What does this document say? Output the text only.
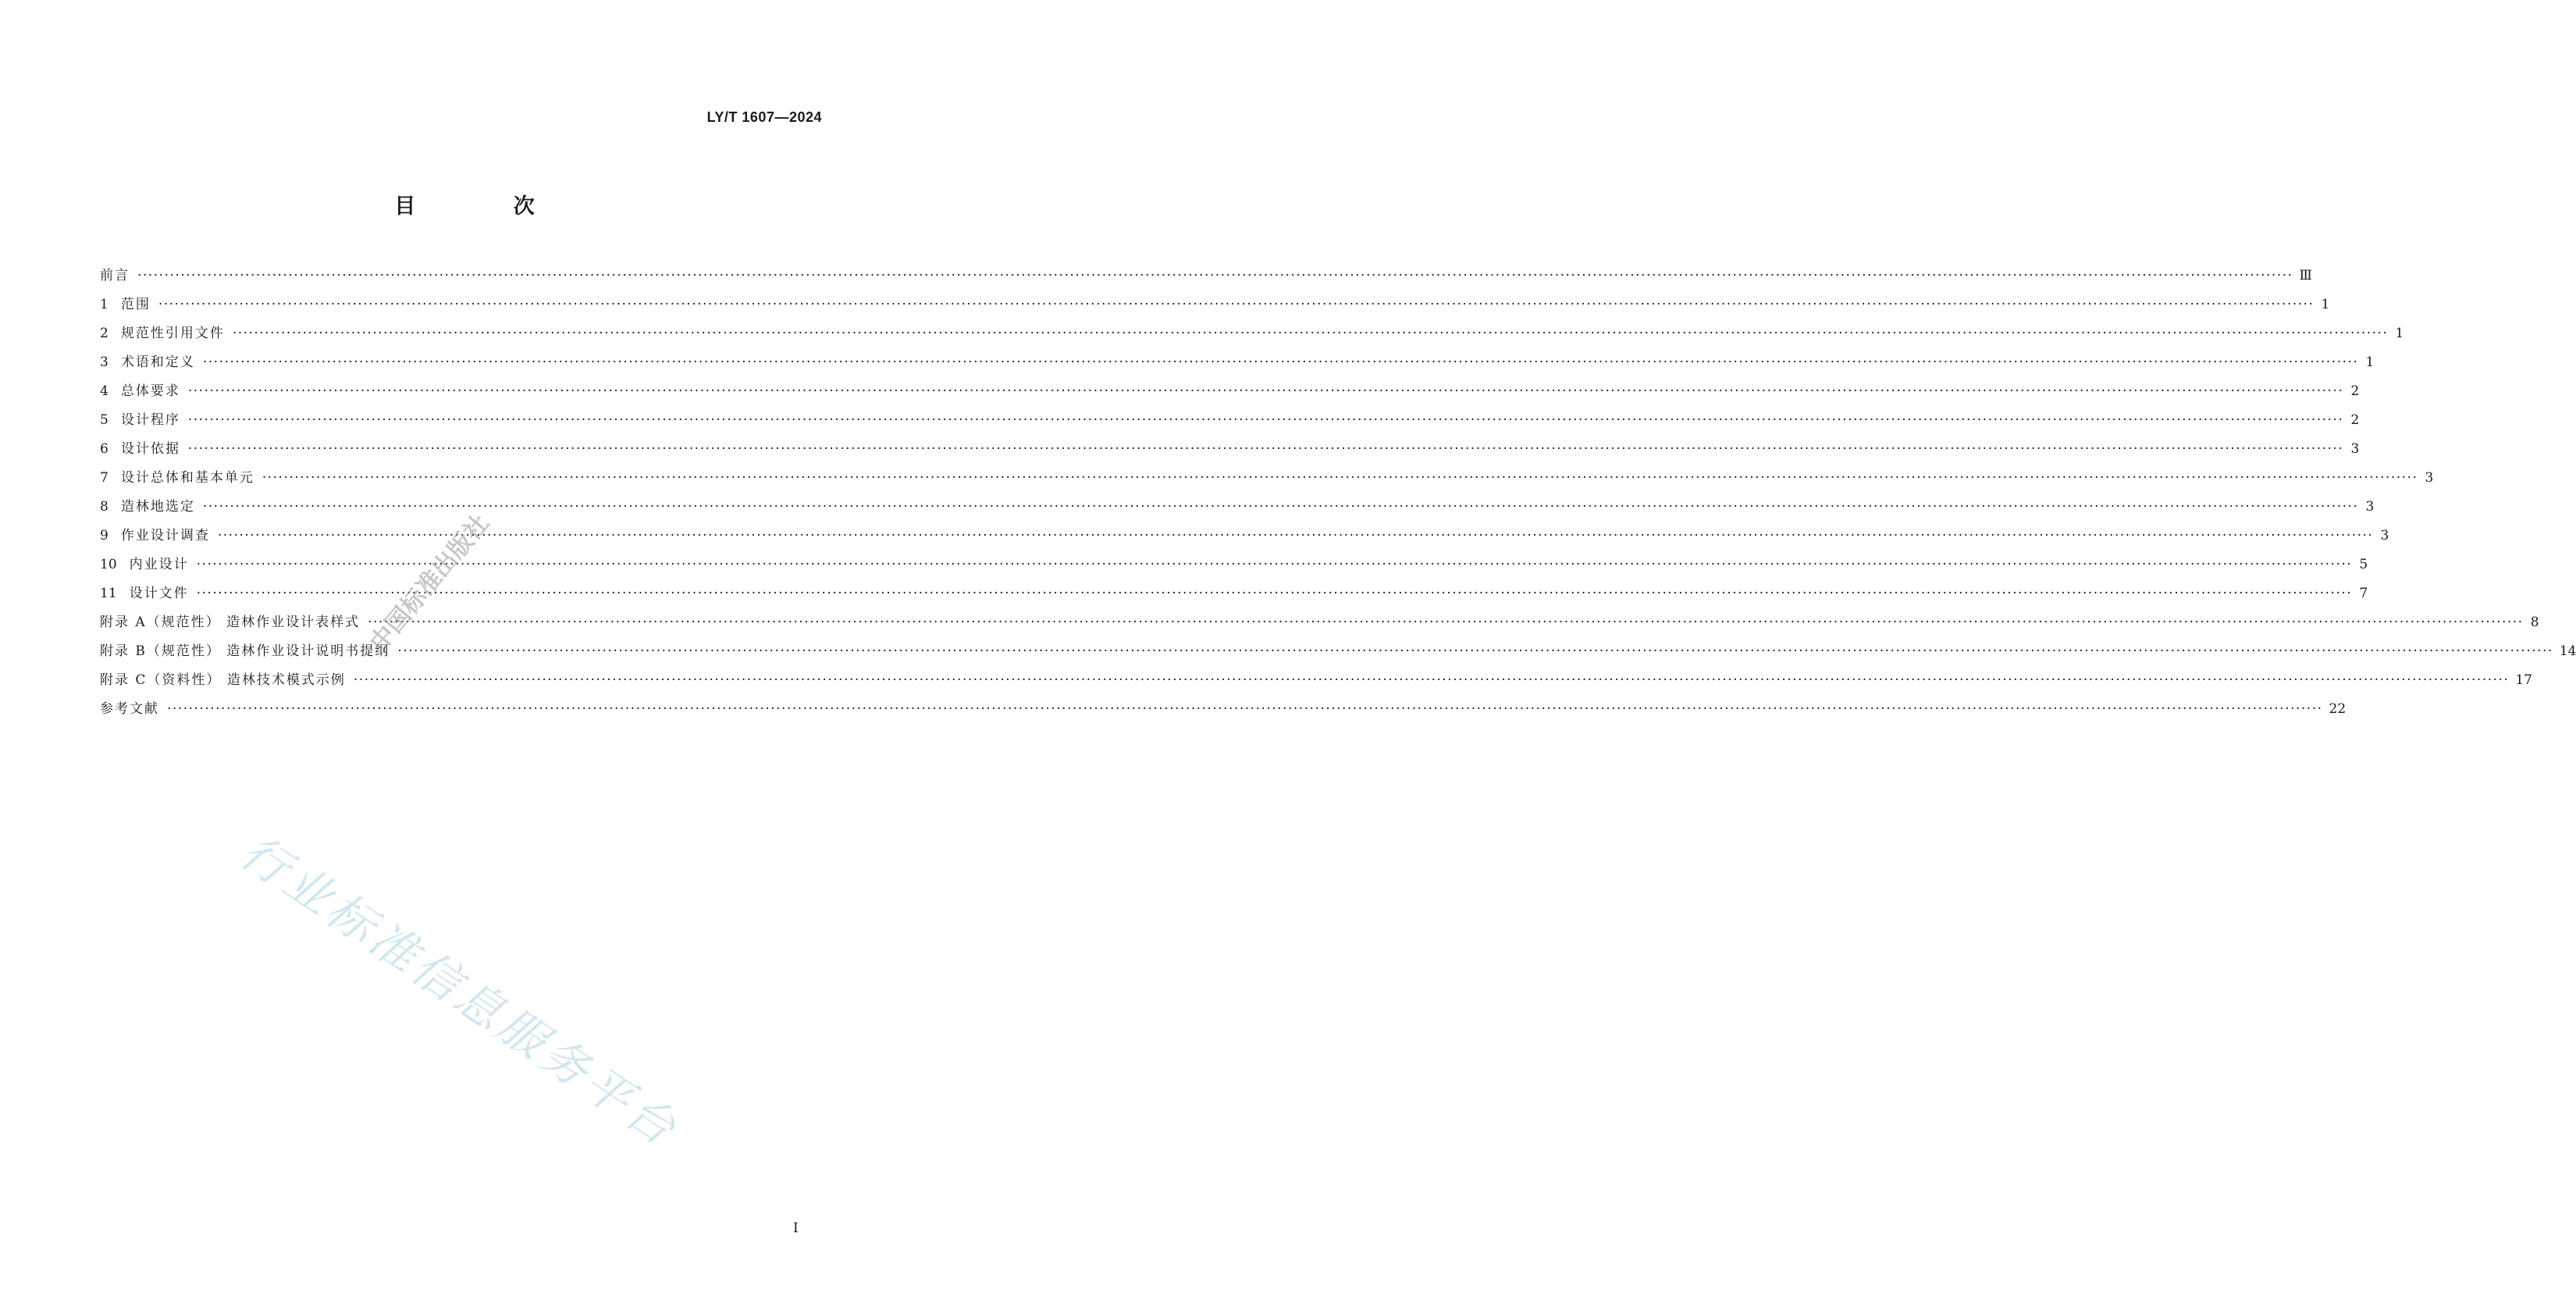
LY/T 1607—2024
目 次
前言 ················································································································································································································································································································································································································ Ⅲ
1 范围 ················································································································································································································································································································································································································ 1
2 规范性引用文件 ················································································································································································································································································································································································································ 1
3 术语和定义 ················································································································································································································································································································································································································ 1
4 总体要求 ················································································································································································································································································································································································································ 2
5 设计程序 ················································································································································································································································································································································································································ 2
6 设计依据 ················································································································································································································································································································································································································ 3
7 设计总体和基本单元 ················································································································································································································································································································································································································ 3
8 造林地选定 ················································································································································································································································································································································································································ 3
9 作业设计调查 ················································································································································································································································································································································································································ 3
10 内业设计 ················································································································································································································································································································································································································ 5
11 设计文件 ················································································································································································································································································································································································································ 7
附录 A（规范性） 造林作业设计表样式 ················································································································································································································································································································································································································ 8
附录 B（规范性） 造林作业设计说明书提纲 ················································································································································································································································································································································································································ 14
附录 C（资料性） 造林技术模式示例 ················································································································································································································································································································································································································ 17
参考文献 ················································································································································································································································································································································································································ 22
中国标准出版社
行业标准信息服务平台
Ⅰ
